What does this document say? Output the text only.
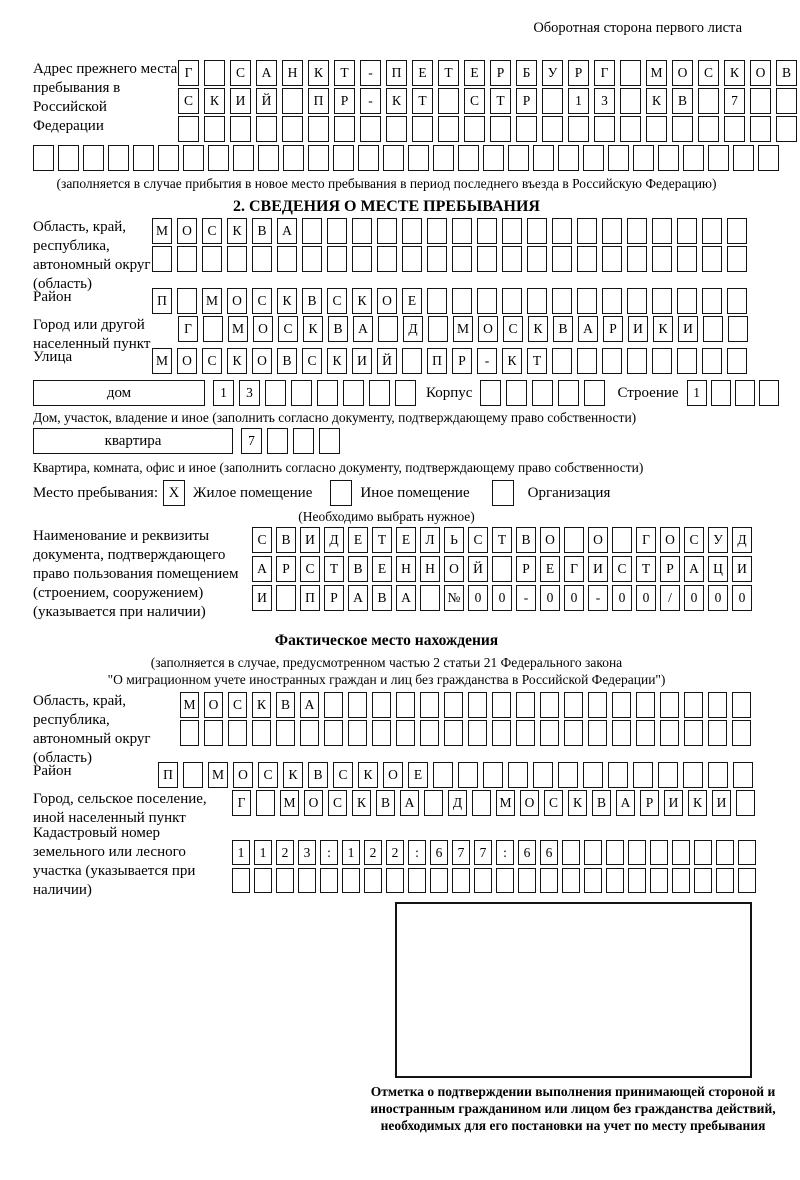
Оборотная сторона первого листа
Адрес прежнего места пребывания в Российской Федерации
Г	С	А	Н	К	Т	-	П	Е	Т	Е	Р	Б	У	Р	Г	М	О	С	К	О	В
С	К	И	Й	П	Р	-	К	Т	С	Т	Р	1	3	К	В	7
(заполняется в случае прибытия в новое место пребывания в период последнего въезда в Российскую Федерацию)
2. СВЕДЕНИЯ О МЕСТЕ ПРЕБЫВАНИЯ
Область, край, республика, автономный округ (область)
М	О	С	К	В	А
Район	П	М	О	С	К	В	С	К	О	Е
Город или другой населенный пункт
Г	М	О	С	К	В	А	Д	М	О	С	К	В	А	Р	И	К	И
Улица	М	О	С	К	О	В	С	К	И	Й	П	Р	-	К	Т
дом	1	3	Корпус	Строение	1
Дом, участок, владение и иное (заполнить согласно документу, подтверждающему право собственности)
квартира	7
Квартира, комната, офис и иное (заполнить согласно документу, подтверждающему право собственности)
Место пребывания: X Жилое помещение	Иное помещение	Организация
(Необходимо выбрать нужное)
Наименование и реквизиты документа, подтверждающего право пользования помещением (строением, сооружением) (указывается при наличии)
С	В	И	Д	Е	Т	Е	Л	Ь	С	Т	В	О	О	Г	О	С	У	Д
А	Р	С	Т	В	Е	Н	Н	О	Й	Р	Е	Г	И	С	Т	Р	А	Ц	И
И	П	Р	А	В	А	№	0	0	-	0	0	-	0	0	/	0	0	0
Фактическое место нахождения
(заполняется в случае, предусмотренном частью 2 статьи 21 Федерального закона
"О миграционном учете иностранных граждан и лиц без гражданства в Российской Федерации")
Область, край, республика, автономный округ (область)
М О	С	К	В	А
Район	П	М	О	С	К	В	С	К	О	Е
Город, сельское поселение, иной населенный пункт
Г	М О	С	К	В	А	Д	М О	С	К	В	А	Р	И	К	И
Кадастровый номер земельного или лесного участка (указывается при наличии)
1	1	2	3	:	1	2	2	:	6	7	7	:	6	6
Отметка о подтверждении выполнения принимающей стороной и иностранным гражданином или лицом без гражданства действий, необходимых для его постановки на учет по месту пребывания
